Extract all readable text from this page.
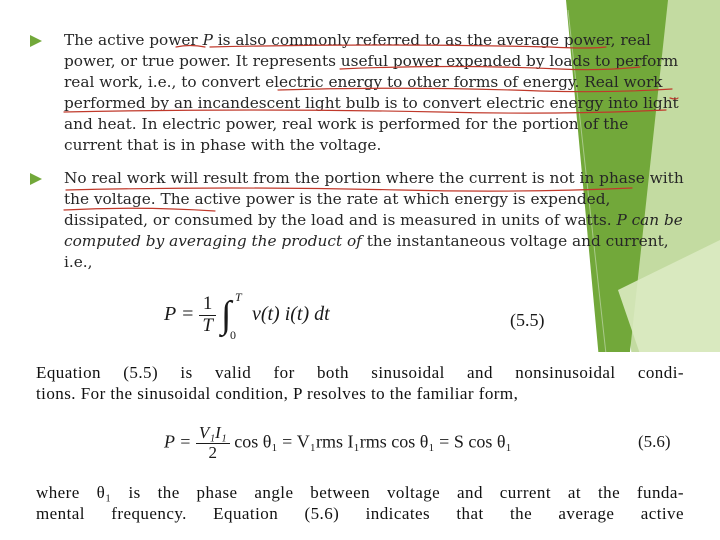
The active power P is also commonly referred to as the average power, real power, or true power. It represents useful power expended by loads to perform real work, i.e., to convert electric energy to other forms of energy. Real work performed by an incandescent light bulb is to convert electric energy into light and heat. In electric power, real work is performed for the portion of the current that is in phase with the voltage.
No real work will result from the portion where the current is not in phase with the voltage. The active power is the rate at which energy is expended, dissipated, or consumed by the load and is measured in units of watts. P can be computed by averaging the product of the instantaneous voltage and current, i.e.,
$P = \frac{1}{T}$
∫ T
0
v(t) i(t) dt	(5.5)
Equation (5.5) is valid for both sinusoidal and nonsinusoidal condi-
tions. For the sinusoidal condition, P resolves to the familiar form,
$P = \frac{\text{V₁I₁}}{2}$ cos θ₁ = V₁rms I₁rms cos θ₁ = S cos θ₁	(5.6)
where θ₁ is the phase angle between voltage and current at the funda-
mental frequency. Equation (5.6) indicates that the average active
